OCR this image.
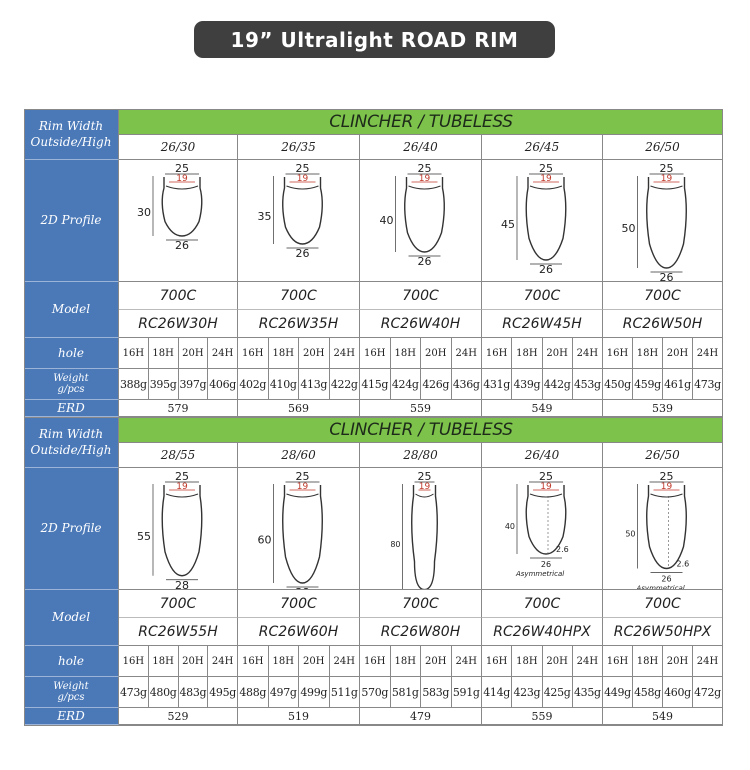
19” Ultralight ROAD RIM
CLINCHER / TUBELESS
Rim Width
Outside/High
2D Profile
Model
hole
ERD
Weight
g/pcs
26/30
25
19
30
26
700C
RC26W30H
16H
388g
18H
395g
20H
397g
24H
406g
579
26/35
25
19
35
26
700C
RC26W35H
16H
402g
18H
410g
20H
413g
24H
422g
569
26/40
25
19
40
26
700C
RC26W40H
16H
415g
18H
424g
20H
426g
24H
436g
559
26/45
25
19
45
26
700C
RC26W45H
16H
431g
18H
439g
20H
442g
24H
453g
549
26/50
25
19
50
26
700C
RC26W50H
16H
450g
18H
459g
20H
461g
24H
473g
539
CLINCHER / TUBELESS
Rim Width
Outside/High
2D Profile
Model
hole
ERD
Weight
g/pcs
28/55
25
19
55
28
700C
RC26W55H
16H
473g
18H
480g
20H
483g
24H
495g
529
28/60
25
19
60
700C
RC26W60H
16H
488g
18H
497g
20H
499g
24H
511g
519
28/80
25
19
80
700C
RC26W80H
16H
570g
18H
581g
20H
583g
24H
591g
479
26/40
25
19
40
26
2.6
Asymmetrical
700C
RC26W40HPX
16H
414g
18H
423g
20H
425g
24H
435g
559
26/50
25
19
50
26
2.6
Asymmetrical
700C
RC26W50HPX
16H
449g
18H
458g
20H
460g
24H
472g
549
